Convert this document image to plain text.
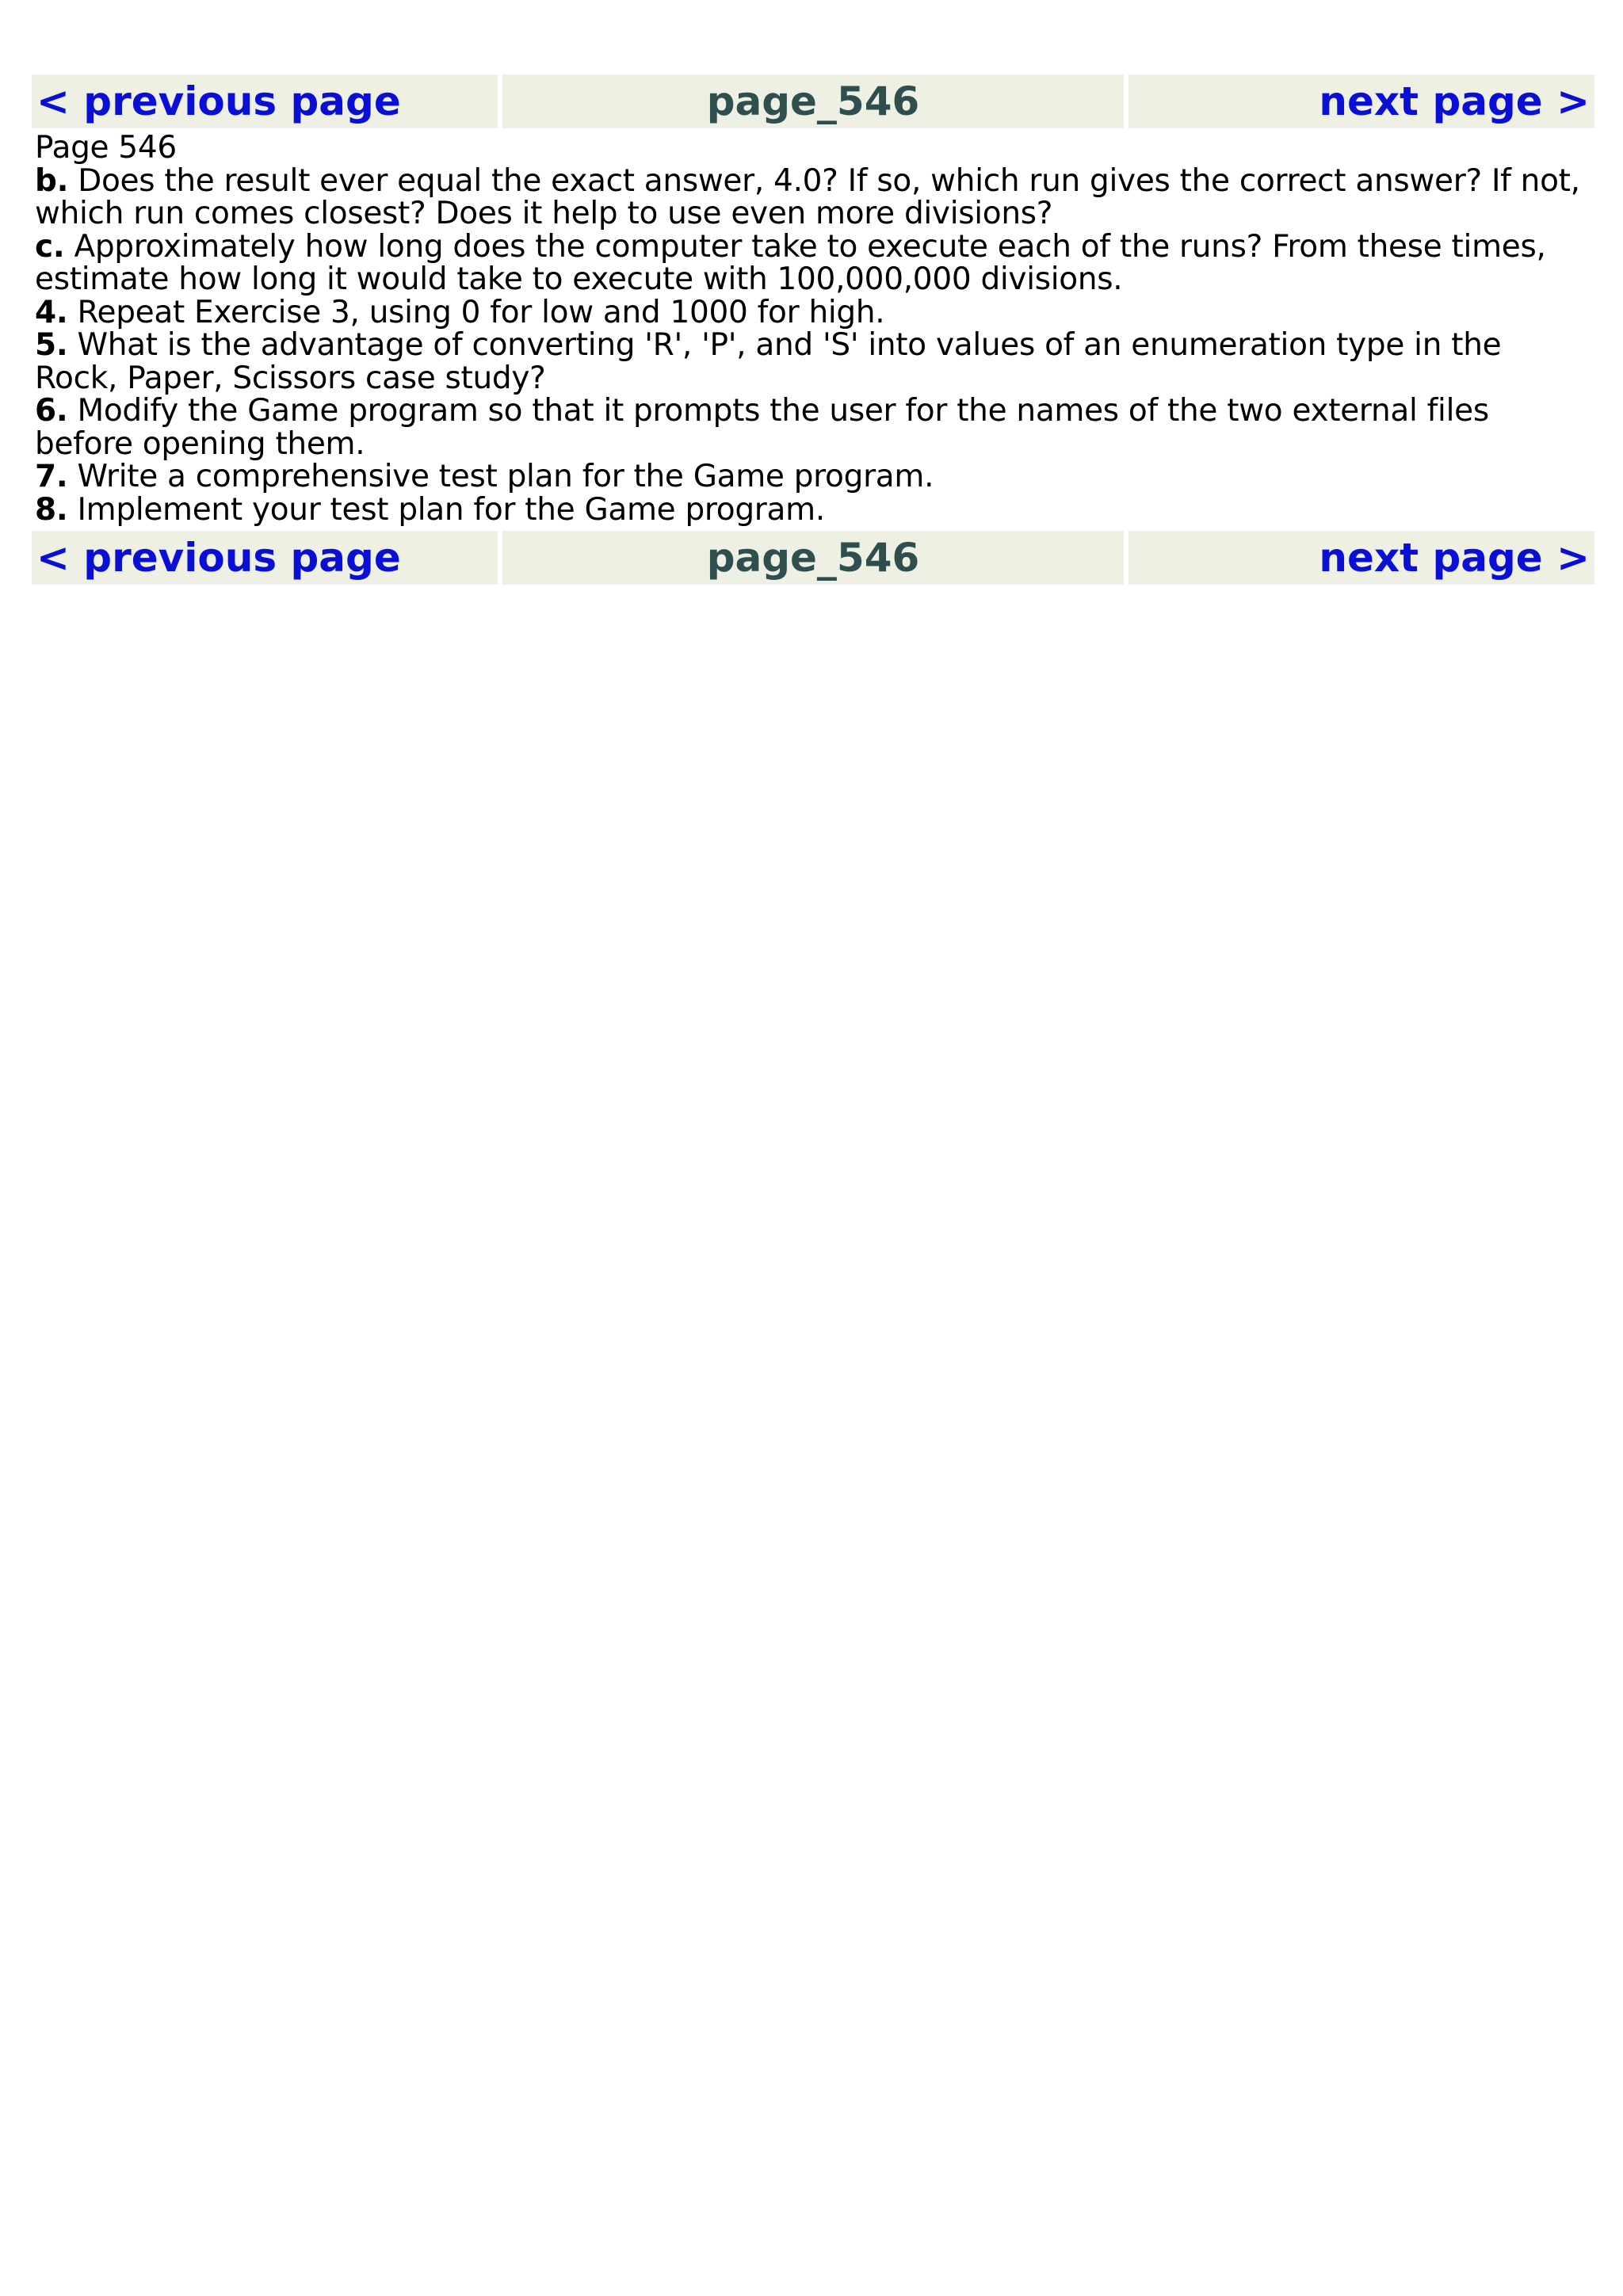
< previous page	page_546	next page >

Page 546

b. Does the result ever equal the exact answer, 4.0? If so, which run gives the correct answer? If not, which run comes closest? Does it help to use even more divisions?

c. Approximately how long does the computer take to execute each of the runs? From these times, estimate how long it would take to execute with 100,000,000 divisions.

4. Repeat Exercise 3, using 0 for low and 1000 for high.

5. What is the advantage of converting 'R', 'P', and 'S' into values of an enumeration type in the Rock, Paper, Scissors case study?

6. Modify the Game program so that it prompts the user for the names of the two external files before opening them.

7. Write a comprehensive test plan for the Game program.

8. Implement your test plan for the Game program.

< previous page	page_546	next page >
